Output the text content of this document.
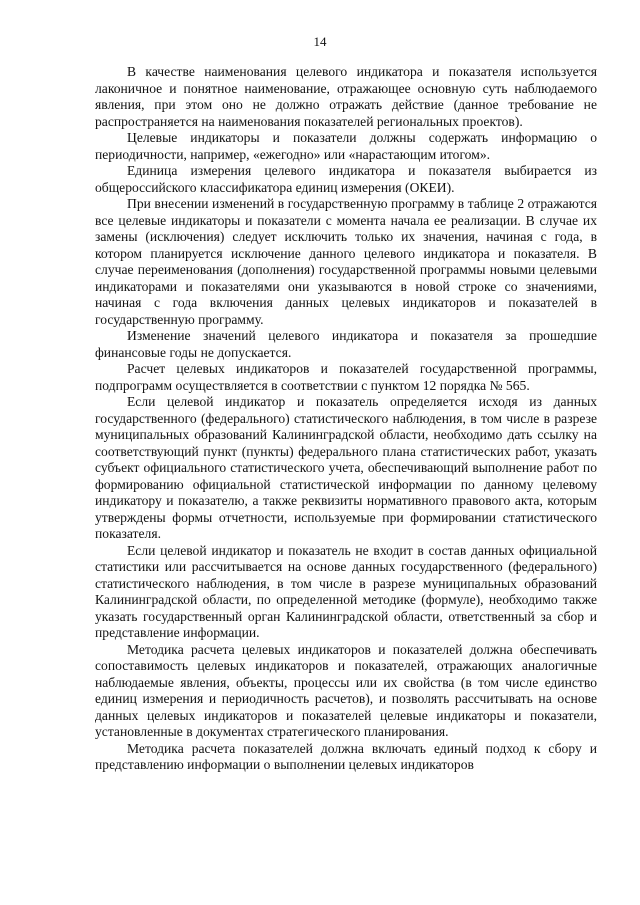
14

В качестве наименования целевого индикатора и показателя используется лаконичное и понятное наименование, отражающее основную суть наблюдаемого явления, при этом оно не должно отражать действие (данное требование не распространяется на наименования показателей региональных проектов).

Целевые индикаторы и показатели должны содержать информацию о периодичности, например, «ежегодно» или «нарастающим итогом».

Единица измерения целевого индикатора и показателя выбирается из общероссийского классификатора единиц измерения (ОКЕИ).

При внесении изменений в государственную программу в таблице 2 отражаются все целевые индикаторы и показатели с момента начала ее реализации. В случае их замены (исключения) следует исключить только их значения, начиная с года, в котором планируется исключение данного целевого индикатора и показателя. В случае переименования (дополнения) государственной программы новыми целевыми индикаторами и показателями они указываются в новой строке со значениями, начиная с года включения данных целевых индикаторов и показателей в государственную программу.

Изменение значений целевого индикатора и показателя за прошедшие финансовые годы не допускается.

Расчет целевых индикаторов и показателей государственной программы, подпрограмм осуществляется в соответствии с пунктом 12 порядка № 565.

Если целевой индикатор и показатель определяется исходя из данных государственного (федерального) статистического наблюдения, в том числе в разрезе муниципальных образований Калининградской области, необходимо дать ссылку на соответствующий пункт (пункты) федерального плана статистических работ, указать субъект официального статистического учета, обеспечивающий выполнение работ по формированию официальной статистической информации по данному целевому индикатору и показателю, а также реквизиты нормативного правового акта, которым утверждены формы отчетности, используемые при формировании статистического показателя.

Если целевой индикатор и показатель не входит в состав данных официальной статистики или рассчитывается на основе данных государственного (федерального) статистического наблюдения, в том числе в разрезе муниципальных образований Калининградской области, по определенной методике (формуле), необходимо также указать государственный орган Калининградской области, ответственный за сбор и представление информации.

Методика расчета целевых индикаторов и показателей должна обеспечивать сопоставимость целевых индикаторов и показателей, отражающих аналогичные наблюдаемые явления, объекты, процессы или их свойства (в том числе единство единиц измерения и периодичность расчетов), и позволять рассчитывать на основе данных целевых индикаторов и показателей целевые индикаторы и показатели, установленные в документах стратегического планирования.

Методика расчета показателей должна включать единый подход к сбору и представлению информации о выполнении целевых индикаторов
